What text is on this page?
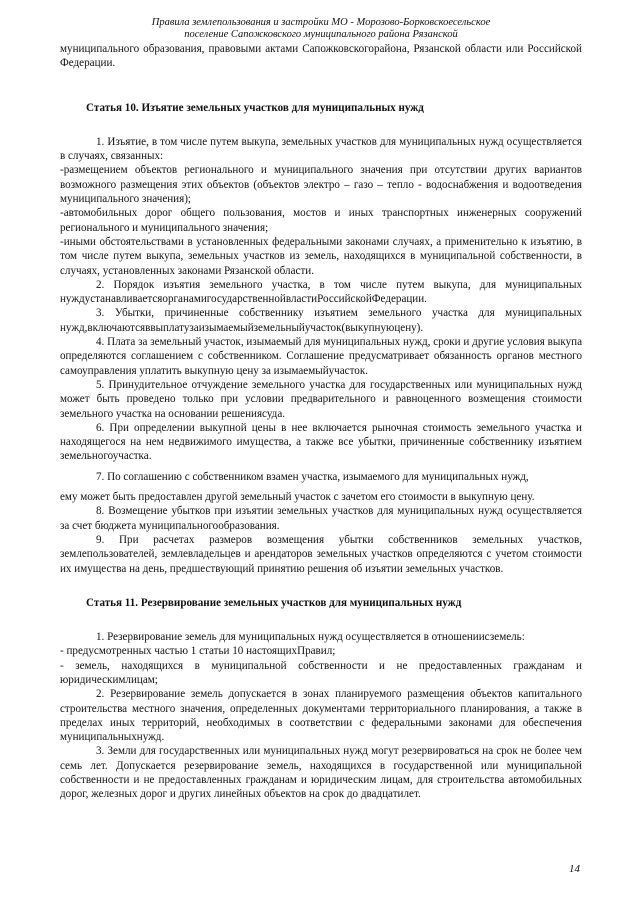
Правила землепользования и застройки МО - Морозово-Борковскоесельское
поселение Сапожковского муниципального района Рязанской

муниципального образования, правовыми актами Сапожковскогорайона, Рязанской области или Российской Федерации.

Статья 10. Изъятие земельных участков для муниципальных нужд

1. Изъятие, в том числе путем выкупа, земельных участков для муниципальных нужд осуществляется в случаях, связанных:

-размещением объектов регионального и муниципального значения при отсутствии других вариантов возможного размещения этих объектов (объектов электро – газо – тепло - водоснабжения и водоотведения муниципального значения);

-автомобильных дорог общего пользования, мостов и иных транспортных инженерных сооружений регионального и муниципального значения;

-иными обстоятельствами в установленных федеральными законами случаях, а применительно к изъятию, в том числе путем выкупа, земельных участков из земель, находящихся в муниципальной собственности, в случаях, установленных законами Рязанской области.

2. Порядок изъятия земельного участка, в том числе путем выкупа, для муниципальных нуждустанавливаетсяорганамигосударственнойвластиРоссийскойФедерации.

3. Убытки, причиненные собственнику изъятием земельного участка для муниципальных нужд,включаютсяввыплатузаизымаемыйземельныйучасток(выкупнуюцену).

4. Плата за земельный участок, изымаемый для муниципальных нужд, сроки и другие условия выкупа определяются соглашением с собственником. Соглашение предусматривает обязанность органов местного самоуправления уплатить выкупную цену за изымаемыйучасток.

5. Принудительное отчуждение земельного участка для государственных или муниципальных нужд может быть проведено только при условии предварительного и равноценного возмещения стоимости земельного участка на основании решениясуда.

6. При определении выкупной цены в нее включается рыночная стоимость земельного участка и находящегося на нем недвижимого имущества, а также все убытки, причиненные собственнику изъятием земельногоучастка.

7. По соглашению с собственником взамен участка, изымаемого для муниципальных нужд,

ему может быть предоставлен другой земельный участок с зачетом его стоимости в выкупную цену.

8. Возмещение убытков при изъятии земельных участков для муниципальных нужд осуществляется за счет бюджета муниципальногообразования.

9. При расчетах размеров возмещения убытки собственников земельных участков, землепользователей, землевладельцев и арендаторов земельных участков определяются с учетом стоимости их имущества на день, предшествующий принятию решения об изъятии земельных участков.

Статья 11. Резервирование земельных участков для муниципальных нужд

1. Резервирование земель для муниципальных нужд осуществляется в отношениисземель:

- предусмотренных частью 1 статьи 10 настоящихПравил;

- земель, находящихся в муниципальной собственности и не предоставленных гражданам и юридическимлицам;

2. Резервирование земель допускается в зонах планируемого размещения объектов капитального строительства местного значения, определенных документами территориального планирования, а также в пределах иных территорий, необходимых в соответствии с федеральными законами для обеспечения муниципальныхнужд.

3. Земли для государственных или муниципальных нужд могут резервироваться на срок не более чем семь лет. Допускается резервирование земель, находящихся в государственной или муниципальной собственности и не предоставленных гражданам и юридическим лицам, для строительства автомобильных дорог, железных дорог и других линейных объектов на срок до двадцатилет.

14
